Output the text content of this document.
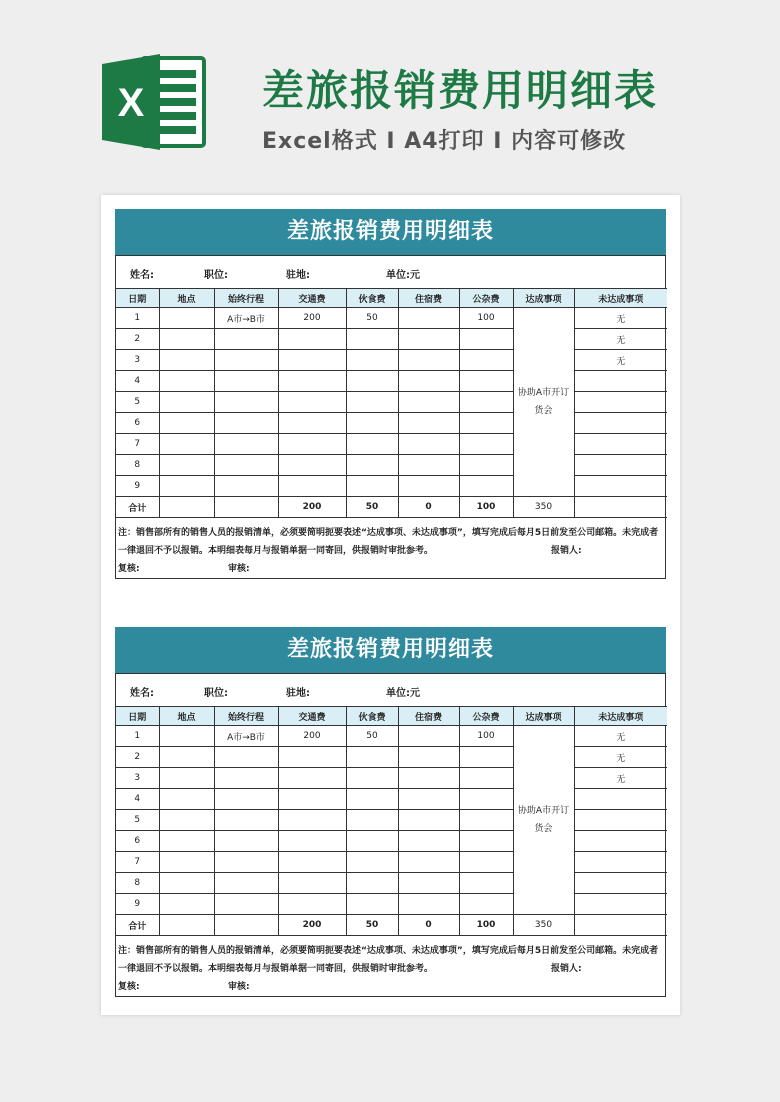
X	差旅报销费用明细表
Excel格式 I A4打印 I 内容可修改
差旅报销费用明细表
姓名:	职位:	驻地:	单位:元
日期	地点	始终行程	交通费	伙食费	住宿费	公杂费	达成事项	未达成事项
1		A市→B市	200	50		100	协助A市开订货会	无
2								无
3								无
4								
5								
6								
7								
8								
9								
合计			200	50	0	100	350	
注：销售部所有的销售人员的报销清单，必须要简明扼要表述“达成事项、未达成事项”，填写完成后每月5日前发至公司邮箱。未完成者
一律退回不予以报销。本明细表每月与报销单据一同寄回，供报销时审批参考。	报销人:
复核:	审核:
差旅报销费用明细表
姓名:	职位:	驻地:	单位:元
日期	地点	始终行程	交通费	伙食费	住宿费	公杂费	达成事项	未达成事项
1		A市→B市	200	50		100	协助A市开订货会	无
2								无
3								无
4								
5								
6								
7								
8								
9								
合计			200	50	0	100	350	
注：销售部所有的销售人员的报销清单，必须要简明扼要表述“达成事项、未达成事项”，填写完成后每月5日前发至公司邮箱。未完成者
一律退回不予以报销。本明细表每月与报销单据一同寄回，供报销时审批参考。	报销人:
复核:	审核:
